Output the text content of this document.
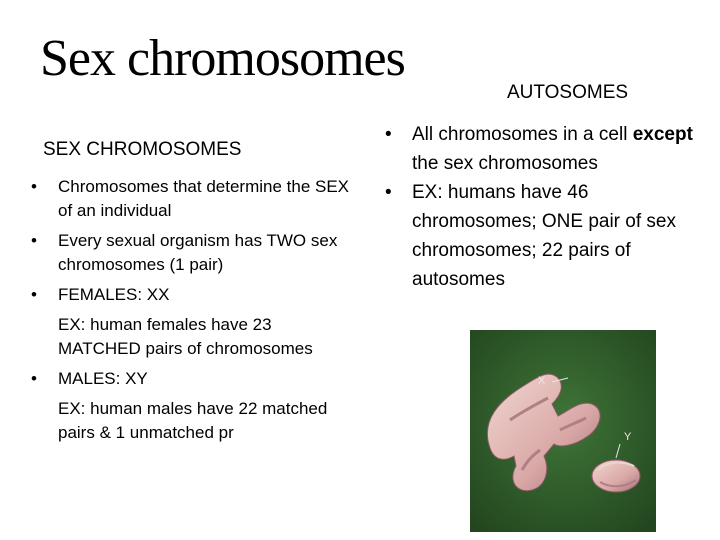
Sex chromosomes
AUTOSOMES
SEX CHROMOSOMES
• Chromosomes that determine the SEX of an individual
• Every sexual organism has TWO sex chromosomes (1 pair)
• FEMALES: XX
EX: human females have 23 MATCHED pairs of chromosomes
• MALES: XY
EX: human males have 22 matched pairs & 1 unmatched pr
• All chromosomes in a cell except the sex chromosomes
• EX: humans have 46 chromosomes; ONE pair of sex chromosomes; 22 pairs of autosomes
X
Y
